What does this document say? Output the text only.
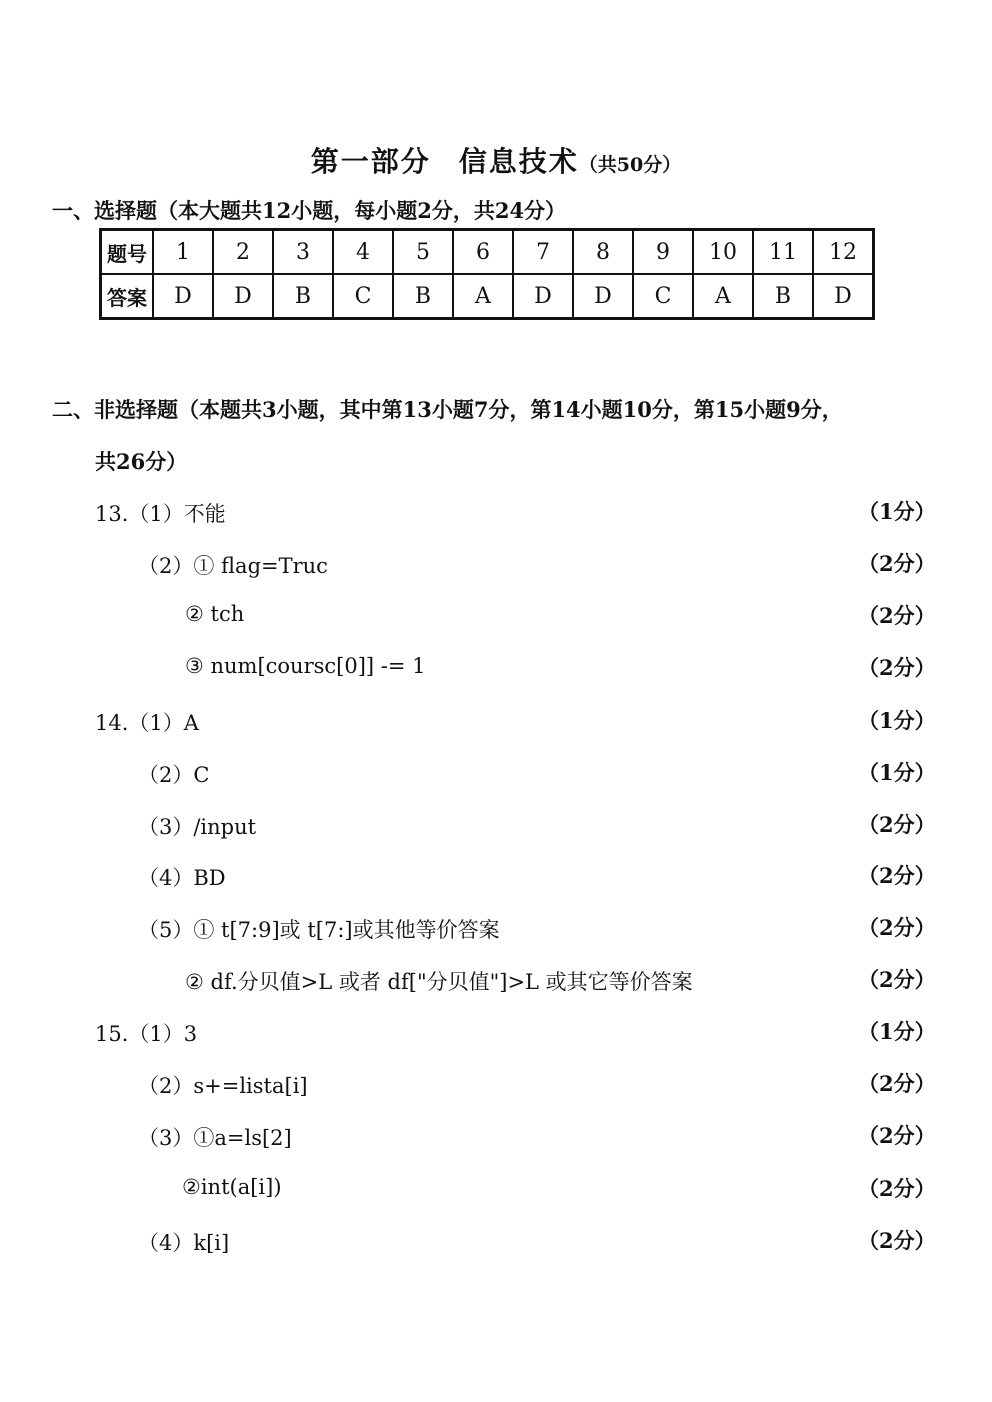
第一部分 信息技术（共50分）
一、选择题（本大题共12小题，每小题2分，共24分）
题号	1	2	3	4	5	6	7	8	9	10	11	12
答案	D	D	B	C	B	A	D	D	C	A	B	D
二、非选择题（本题共3小题，其中第13小题7分，第14小题10分，第15小题9分，
共26分）
13.（1）不能	（1分）
（2）① flag=Truc	（2分）
② tch	（2分）
③ num[coursc[0]] -= 1	（2分）
14.（1）A	（1分）
（2）C	（1分）
（3）/input	（2分）
（4）BD	（2分）
（5）① t[7:9]或 t[7:]或其他等价答案	（2分）
② df.分贝值>L 或者 df["分贝值"]>L 或其它等价答案	（2分）
15.（1）3	（1分）
（2）s+=lista[i]	（2分）
（3）①a=ls[2]	（2分）
②int(a[i])	（2分）
（4）k[i]	（2分）
